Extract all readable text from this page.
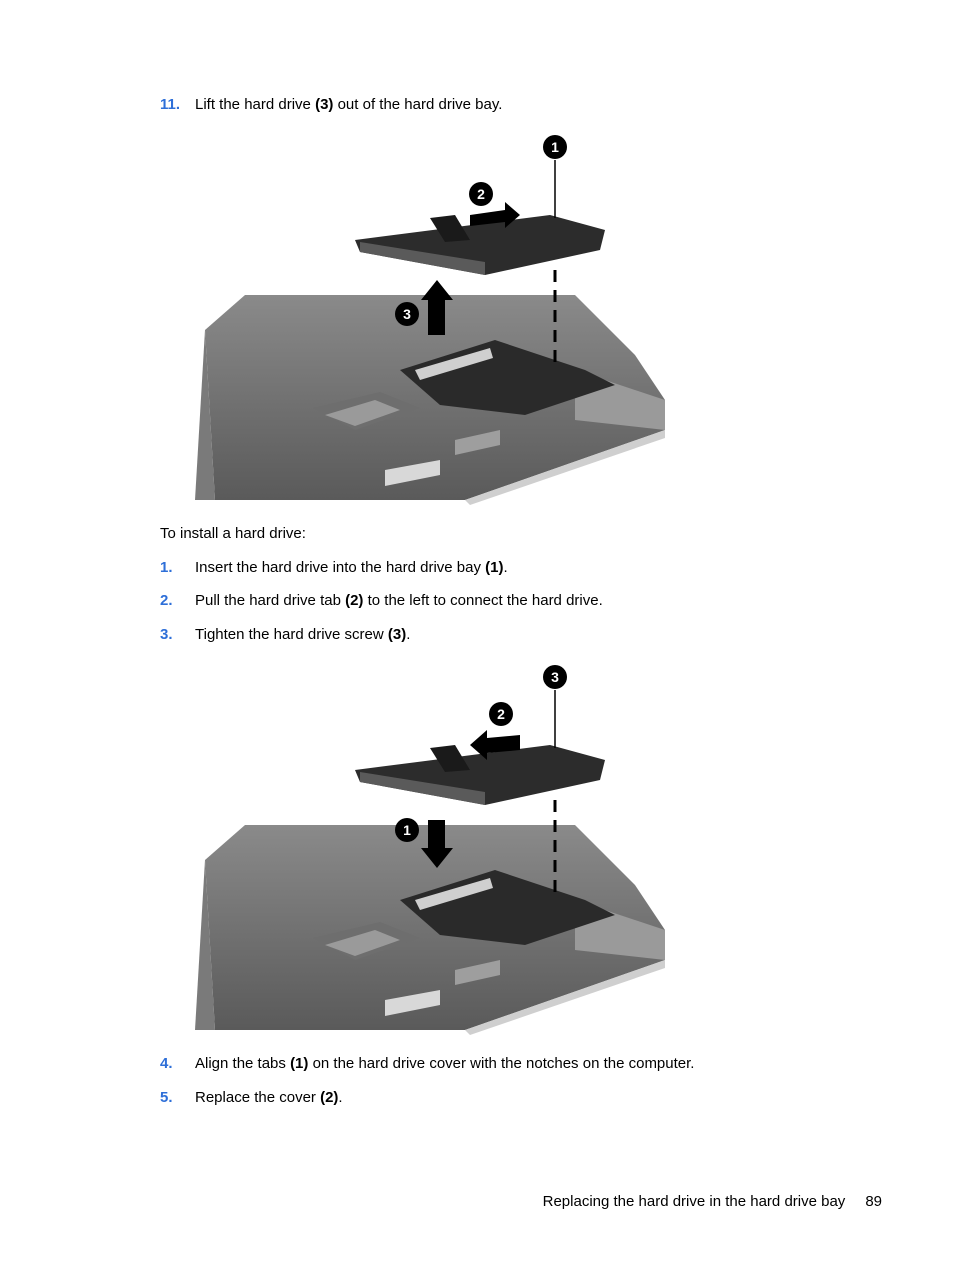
11. Lift the hard drive (3) out of the hard drive bay.
1
2
3
To install a hard drive:
1. Insert the hard drive into the hard drive bay (1).
2. Pull the hard drive tab (2) to the left to connect the hard drive.
3. Tighten the hard drive screw (3).
3
2
1
4. Align the tabs (1) on the hard drive cover with the notches on the computer.
5. Replace the cover (2).
Replacing the hard drive in the hard drive bay 89
